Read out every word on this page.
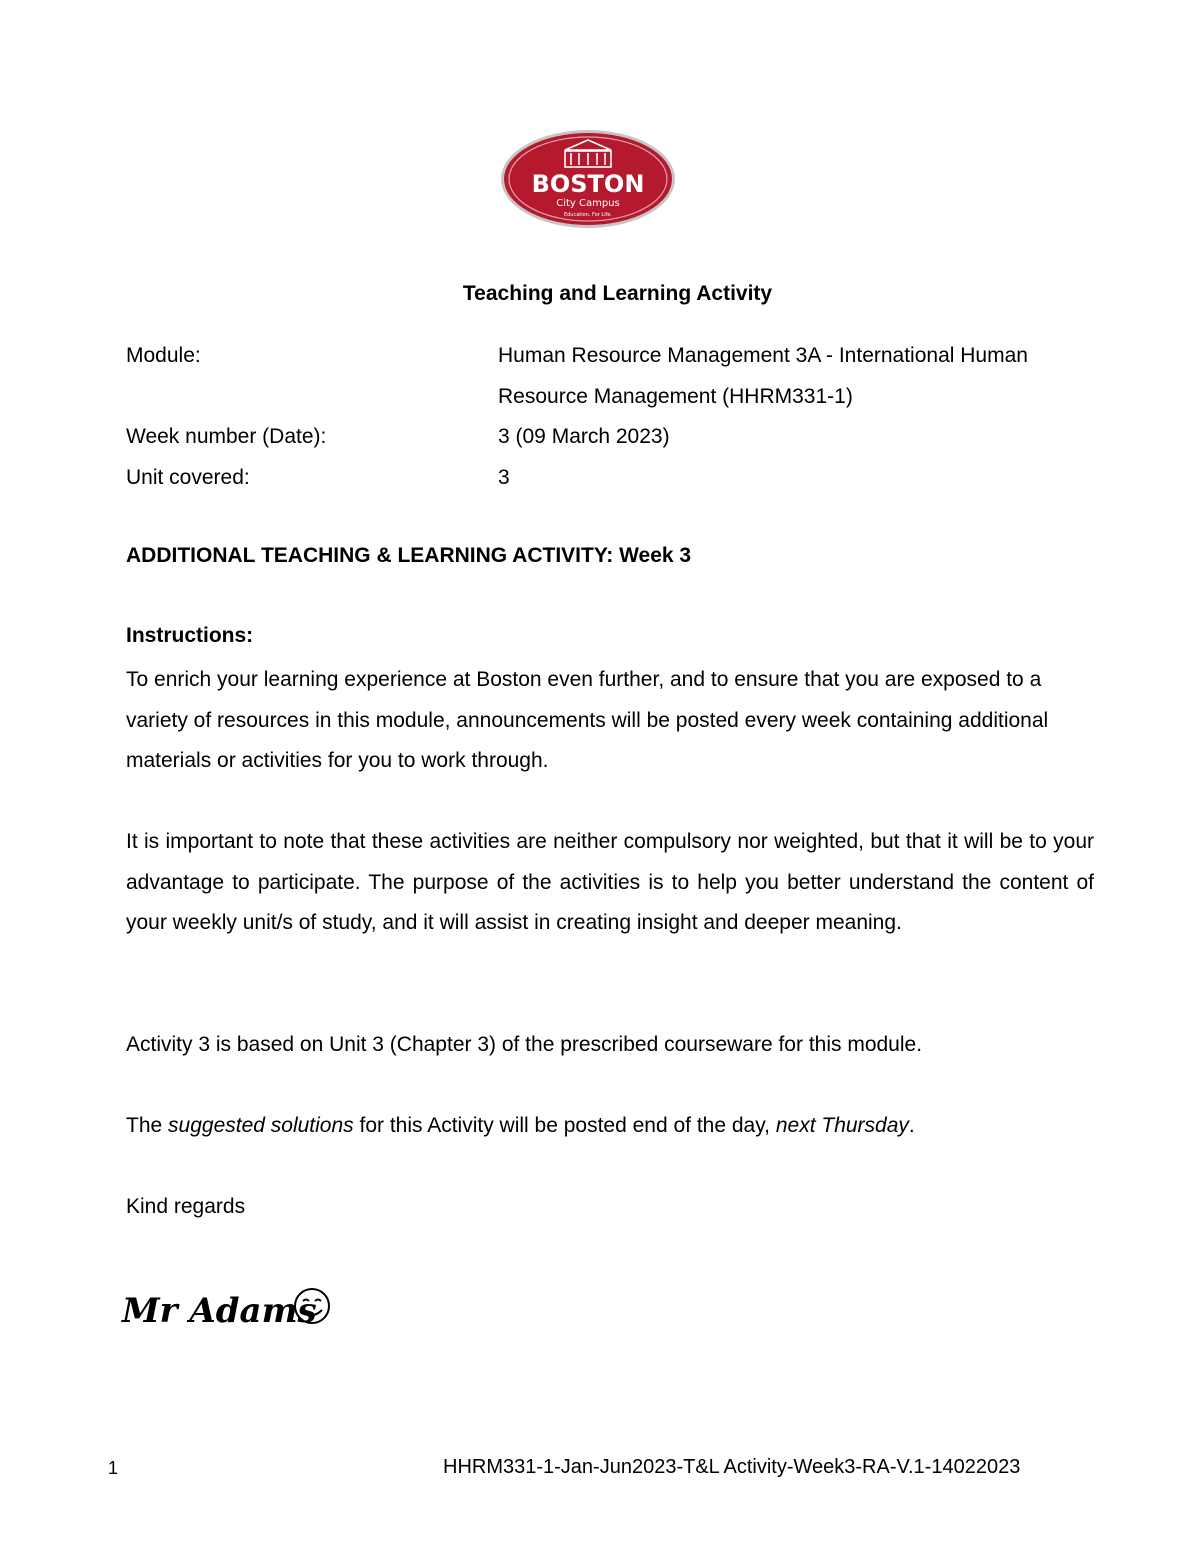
BOSTON
City Campus
Education. For Life.
Teaching and Learning Activity
Module:	Human Resource Management 3A - International Human
Resource Management (HHRM331-1)
Week number (Date):	3 (09 March 2023)
Unit covered:	3
ADDITIONAL TEACHING & LEARNING ACTIVITY: Week 3
Instructions:
To enrich your learning experience at Boston even further, and to ensure that you are exposed to a variety of resources in this module, announcements will be posted every week containing additional materials or activities for you to work through.
It is important to note that these activities are neither compulsory nor weighted, but that it will be to your advantage to participate. The purpose of the activities is to help you better understand the content of your weekly unit/s of study, and it will assist in creating insight and deeper meaning.
Activity 3 is based on Unit 3 (Chapter 3) of the prescribed courseware for this module.
The suggested solutions for this Activity will be posted end of the day, next Thursday.
Kind regards
Mr Adams
1	HHRM331-1-Jan-Jun2023-T&L Activity-Week3-RA-V.1-14022023
